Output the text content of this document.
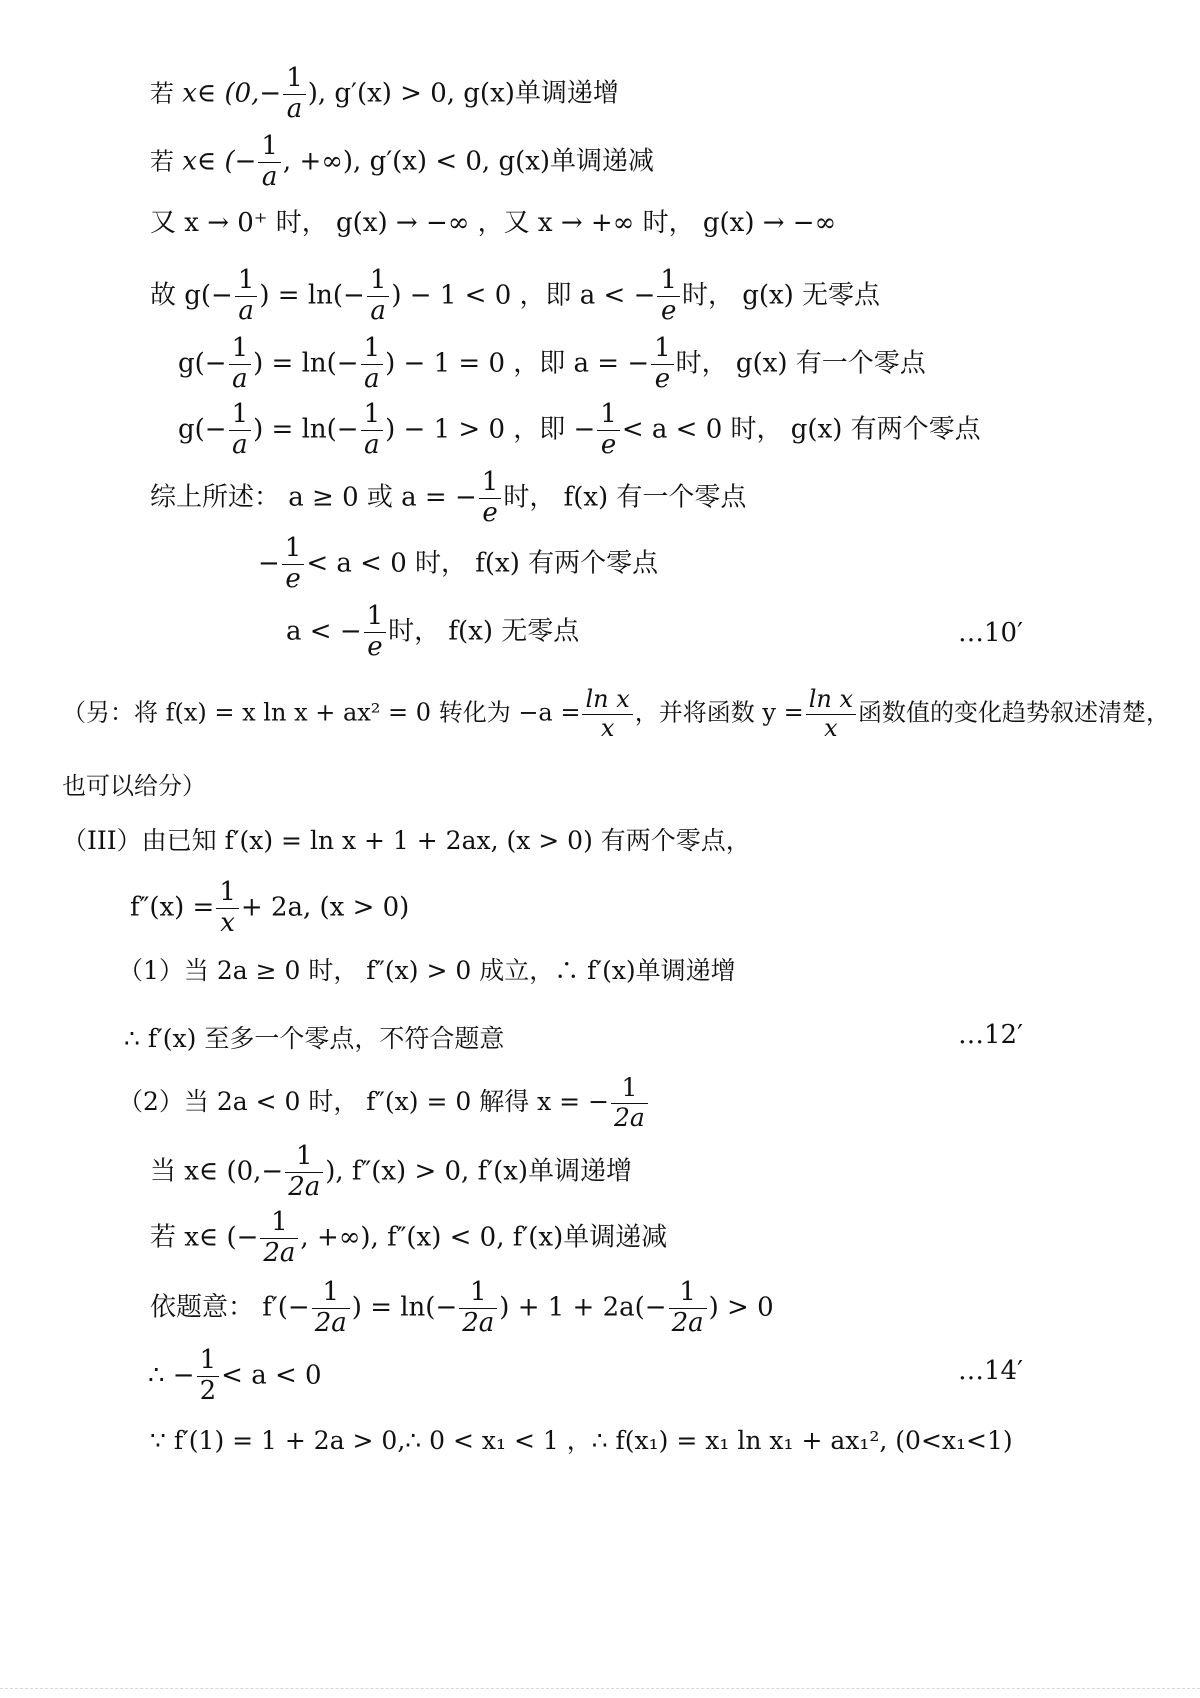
若 x∈ ($0,- \frac{1}{a}$ ), g′(x) > 0, g(x)单调递增
若 x∈ (− $\frac{1}{a}$ , +∞), g′(x) < 0, g(x)单调递减
又 x → 0⁺ 时， g(x) → −∞ ，又 x → +∞ 时， g(x) → −∞
故 $g(- \frac{1}{a}$ ) = $\ln(- \frac{1}{a}$ ) − 1 < 0 ，即 a < − $\frac{1}{e}$ 时， g(x) 无零点
$g(- \frac{1}{a}$ ) = $\ln(- \frac{1}{a}$ ) − 1 = 0 ，即 a = − $\frac{1}{e}$ 时， g(x) 有一个零点
$g(- \frac{1}{a}$ ) = $\ln(- \frac{1}{a}$ ) − 1 > 0 ，即 − $\frac{1}{e} < a < 0$ 时， g(x) 有两个零点
综上所述： a ≥ 0 或 a = − $\frac{1}{e}$ 时， f(x) 有一个零点
− $\frac{1}{e} < a < 0$ 时， f(x) 有两个零点
a < − $\frac{1}{e}$ 时， f(x) 无零点	…10′
（另：将 f(x) = x ln x + ax² = 0 转化为 $-a = \frac{\text{ln x}}{x}$ ，并将函数 $y = \frac{\text{ln x}}{x}$ 函数值的变化趋势叙述清楚，
也可以给分）
（III）由已知 f′(x) = ln x + 1 + 2ax, (x > 0) 有两个零点，
$f''(x) = \frac{1}{x} + 2a$, (x > 0)
（1）当 2a ≥ 0 时， f″(x) > 0 成立，∴ f′(x)单调递增
∴ f′(x) 至多一个零点，不符合题意	…12′
（2）当 2a < 0 时， f″(x) = 0 解得 x = − $\frac{1}{2a}$
当 x∈ ($0,- \frac{1}{2a}$ ), f″(x) > 0, f′(x)单调递增
若 x∈ (− $\frac{1}{2a}$ , +∞), f″(x) < 0, f′(x)单调递减
依题意： $f'(- \frac{1}{2a}$ ) = $\ln(- \frac{1}{2a}$ ) + $1 + 2a(- \frac{1}{2a}$ ) > 0
∴ − $\frac{1}{2} < a < 0$	…14′
∵ f′(1) = 1 + 2a > 0,∴ 0 < x₁ < 1 ，∴ f(x₁) = x₁ ln x₁ + ax₁², (0<x₁<1)
